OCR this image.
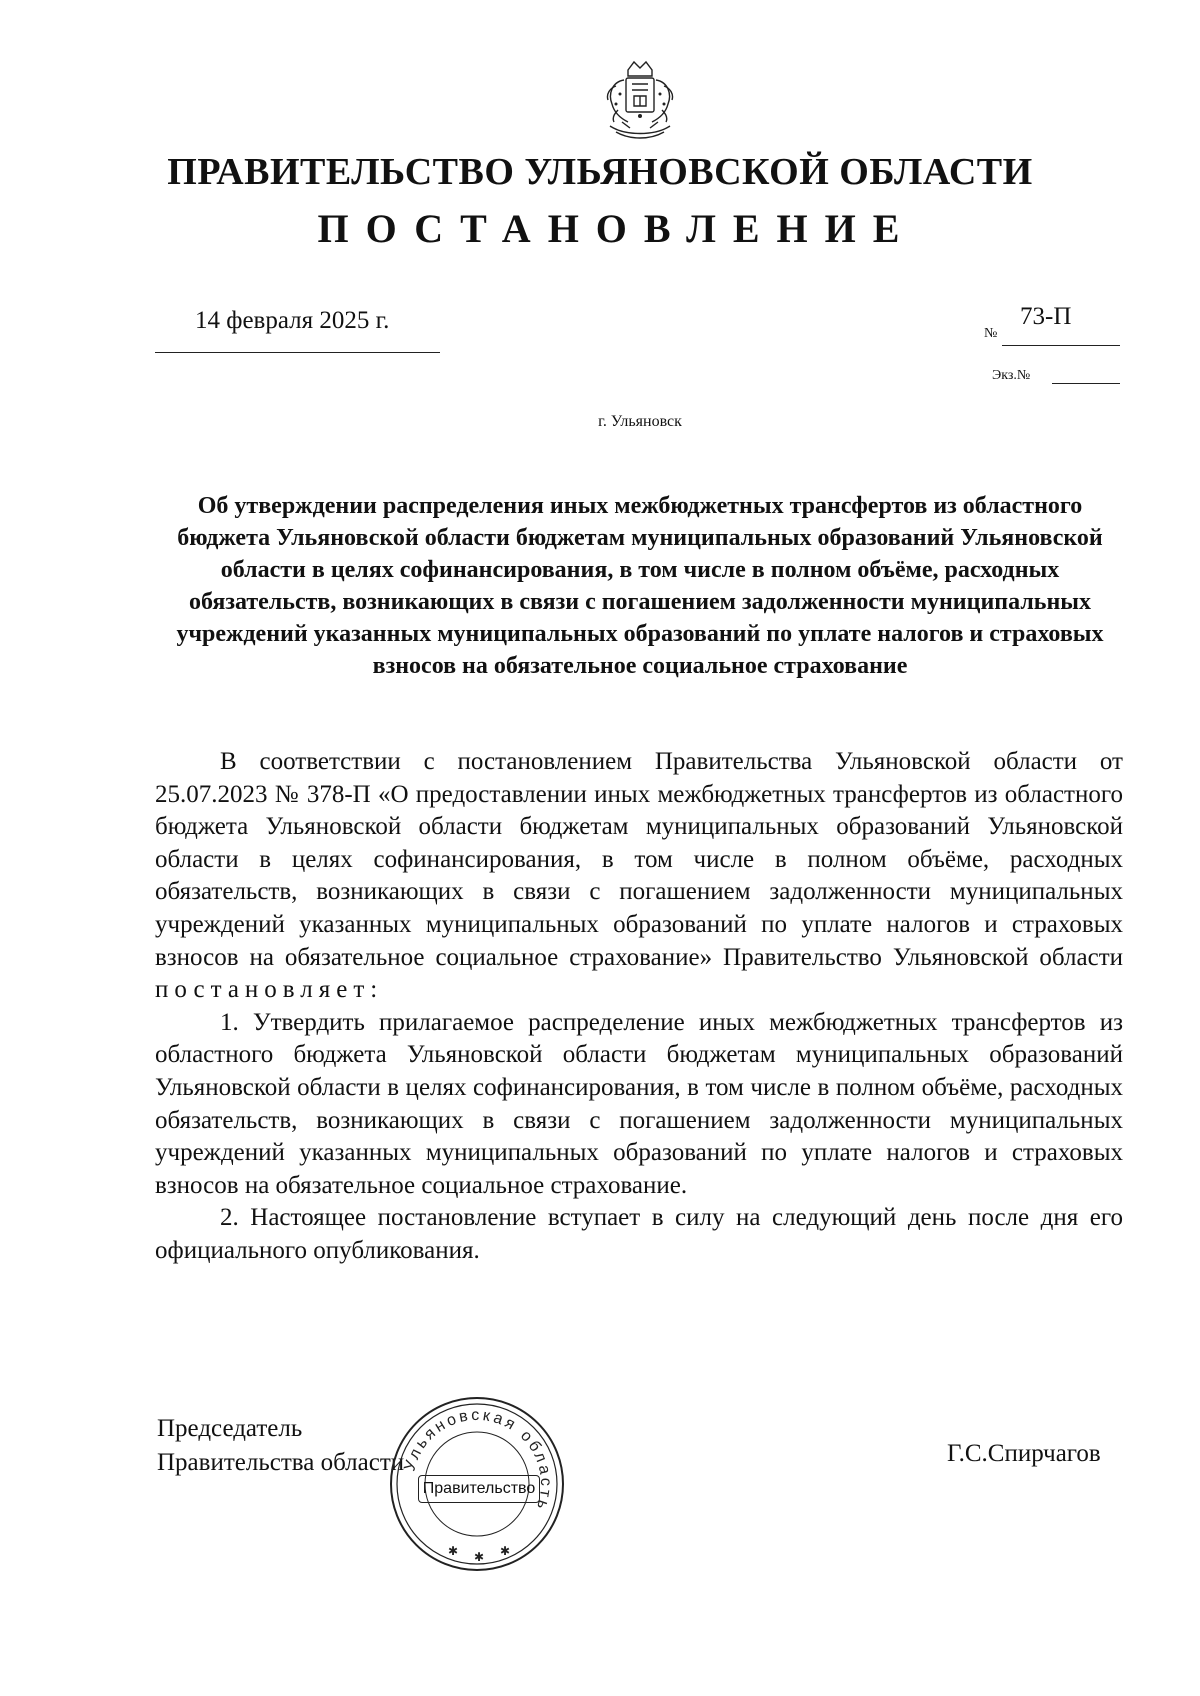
ПРАВИТЕЛЬСТВО УЛЬЯНОВСКОЙ ОБЛАСТИ
ПОСТАНОВЛЕНИЕ
14 февраля 2025 г.	№
73-П
Экз.№
г. Ульяновск

Об утверждении распределения иных межбюджетных трансфертов из областного бюджета Ульяновской области бюджетам муниципальных образований Ульяновской области в целях софинансирования, в том числе в полном объёме, расходных обязательств, возникающих в связи с погашением задолженности муниципальных учреждений указанных муниципальных образований по уплате налогов и страховых взносов на обязательное социальное страхование

В соответствии с постановлением Правительства Ульяновской области от 25.07.2023 № 378-П «О предоставлении иных межбюджетных трансфертов из областного бюджета Ульяновской области бюджетам муниципальных образований Ульяновской области в целях софинансирования, в том числе в полном объёме, расходных обязательств, возникающих в связи с погашением задолженности муниципальных учреждений указанных муниципальных образований по уплате налогов и страховых взносов на обязательное социальное страхование» Правительство Ульяновской области постановляет:

1. Утвердить прилагаемое распределение иных межбюджетных трансфертов из областного бюджета Ульяновской области бюджетам муниципальных образований Ульяновской области в целях софинансирования, в том числе в полном объёме, расходных обязательств, возникающих в связи с погашением задолженности муниципальных учреждений указанных муниципальных образований по уплате налогов и страховых взносов на обязательное социальное страхование.

2. Настоящее постановление вступает в силу на следующий день после дня его официального опубликования.

Председатель
Правительства области	Г.С.Спирчагов
Ульяновская область
✱
✱	✱
Правительство
